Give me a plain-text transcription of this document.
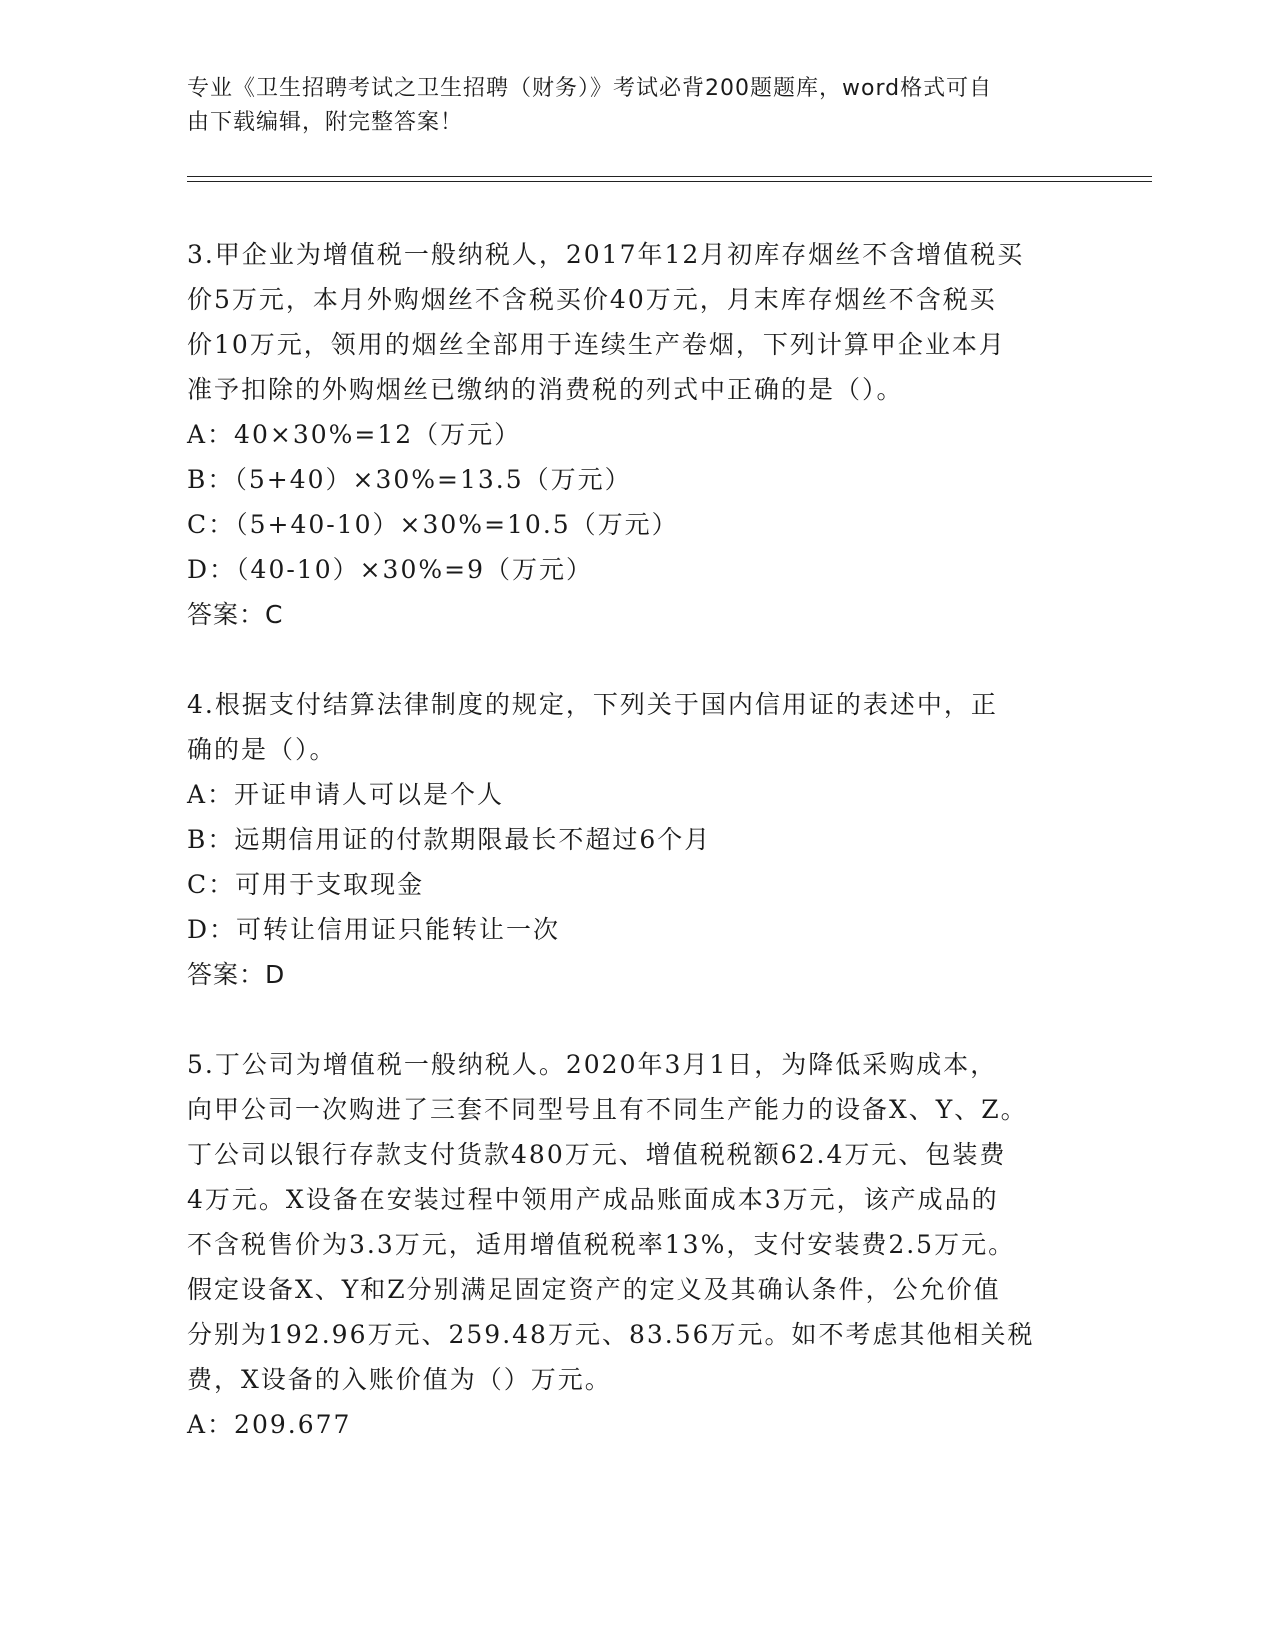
专业《卫生招聘考试之卫生招聘（财务）》考试必背200题题库，word格式可自
由下载编辑，附完整答案！
3.甲企业为增值税一般纳税人，2017年12月初库存烟丝不含增值税买
价5万元，本月外购烟丝不含税买价40万元，月末库存烟丝不含税买
价10万元，领用的烟丝全部用于连续生产卷烟，下列计算甲企业本月
准予扣除的外购烟丝已缴纳的消费税的列式中正确的是（）。
A：40×30%=12（万元）
B：（5+40）×30%=13.5（万元）
C：（5+40-10）×30%=10.5（万元）
D：（40-10）×30%=9（万元）
答案：C
4.根据支付结算法律制度的规定，下列关于国内信用证的表述中，正
确的是（）。
A：开证申请人可以是个人
B：远期信用证的付款期限最长不超过6个月
C：可用于支取现金
D：可转让信用证只能转让一次
答案：D
5.丁公司为增值税一般纳税人。2020年3月1日，为降低采购成本，
向甲公司一次购进了三套不同型号且有不同生产能力的设备X、Y、Z。
丁公司以银行存款支付货款480万元、增值税税额62.4万元、包装费
4万元。X设备在安装过程中领用产成品账面成本3万元，该产成品的
不含税售价为3.3万元，适用增值税税率13%，支付安装费2.5万元。
假定设备X、Y和Z分别满足固定资产的定义及其确认条件，公允价值
分别为192.96万元、259.48万元、83.56万元。如不考虑其他相关税
费，X设备的入账价值为（）万元。
A：209.677
